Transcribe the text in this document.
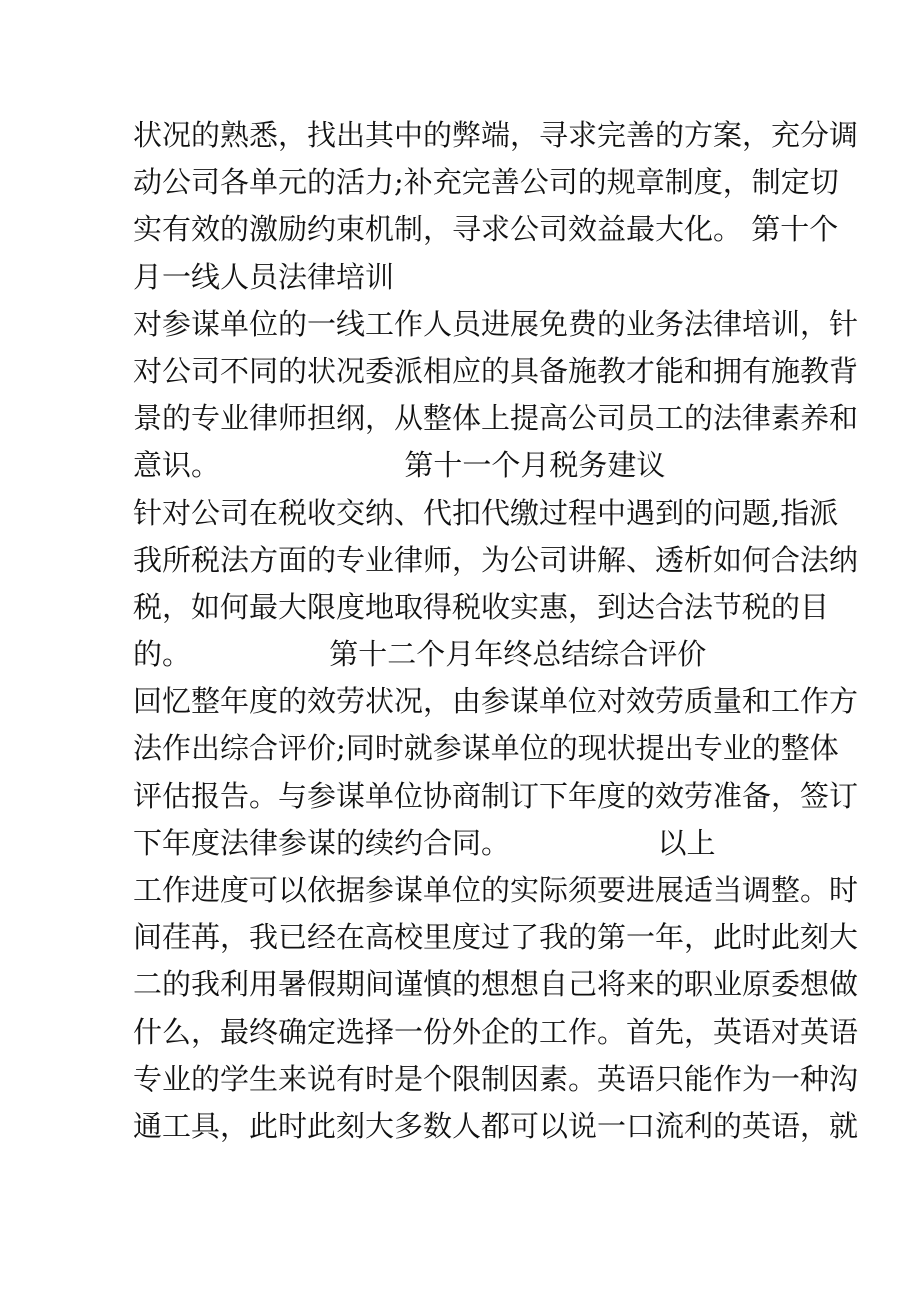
状况的熟悉，找出其中的弊端，寻求完善的方案，充分调
动公司各单元的活力;补充完善公司的规章制度，制定切
实有效的激励约束机制，寻求公司效益最大化。 第十个
月一线人员法律培训
对参谋单位的一线工作人员进展免费的业务法律培训，针
对公司不同的状况委派相应的具备施教才能和拥有施教背
景的专业律师担纲，从整体上提高公司员工的法律素养和
意识。                    第十一个月税务建议
针对公司在税收交纳、代扣代缴过程中遇到的问题,指派
我所税法方面的专业律师，为公司讲解、透析如何合法纳
税，如何最大限度地取得税收实惠，到达合法节税的目
的。               第十二个月年终总结综合评价
回忆整年度的效劳状况，由参谋单位对效劳质量和工作方
法作出综合评价;同时就参谋单位的现状提出专业的整体
评估报告。与参谋单位协商制订下年度的效劳准备，签订
下年度法律参谋的续约合同。                以上
工作进度可以依据参谋单位的实际须要进展适当调整。时
间荏苒，我已经在高校里度过了我的第一年，此时此刻大
二的我利用暑假期间谨慎的想想自己将来的职业原委想做
什么，最终确定选择一份外企的工作。首先，英语对英语
专业的学生来说有时是个限制因素。英语只能作为一种沟
通工具，此时此刻大多数人都可以说一口流利的英语，就
